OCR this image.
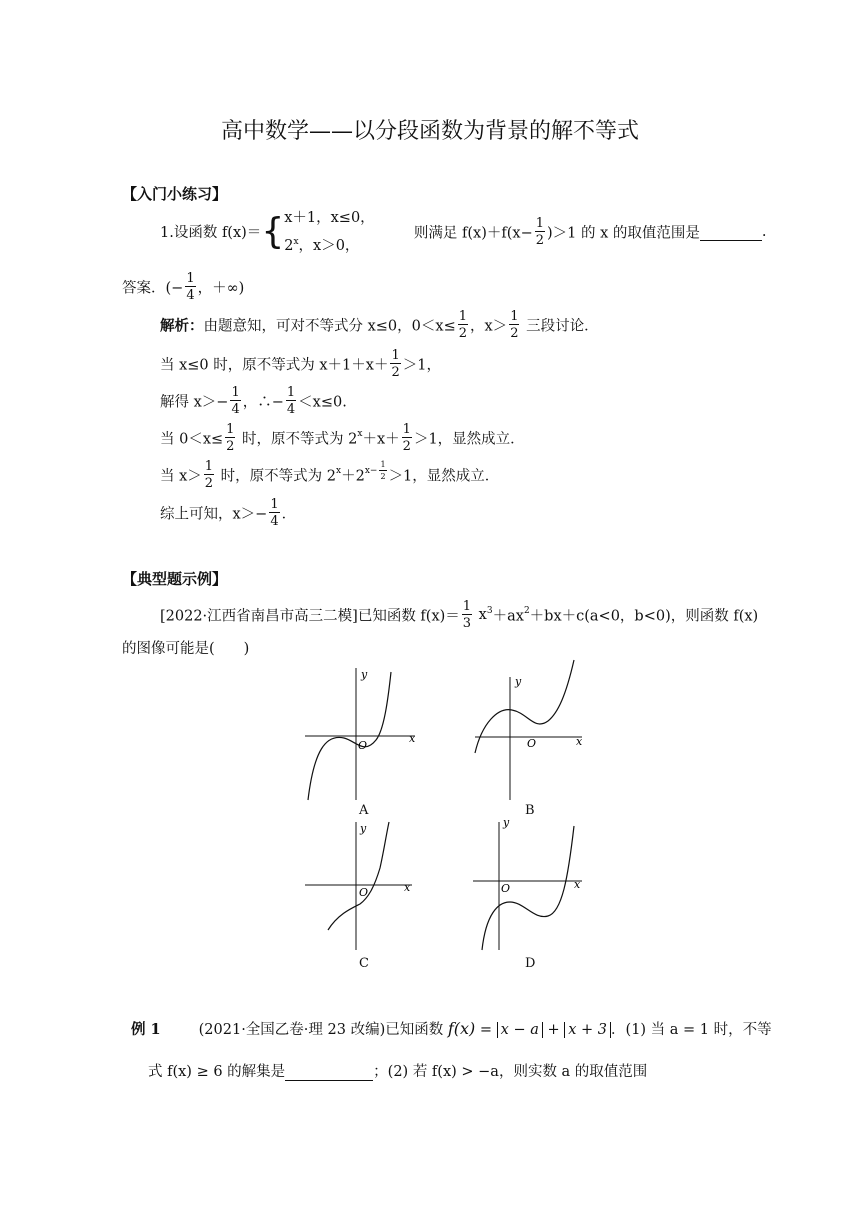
高中数学——以分段函数为背景的解不等式
【入门小练习】
1.设函数 f(x)＝{ x＋1，x≤0，
2$^x$，x＞0，
则满足 $f(x)+f(x- \frac{1}{2} )>1$ 的 x 的取值范围是	.
答案．(− $\frac{1}{4}$ ，＋∞)
解析：由题意知，可对不等式分 x≤0，$0<x\le \frac{1}{2}$ ，$x> \frac{1}{2}$ 三段讨论．
当 x≤0 时，原不等式为 $x+1+x+ \frac{1}{2} >1$，
解得 $x>- \frac{1}{4}$ ，∴− $\frac{1}{4} <x\le 0$.
当 $0<x\le \frac{1}{2}$ 时，原不等式为 $2^x+x+ \frac{1}{2} >1$，显然成立．
当 $x> \frac{1}{2}$ 时，原不等式为 $2^x+2^{x- \frac{1}{2}} >1$，显然成立．
综上可知，$x>- \frac{1}{4}$ ．
【典型题示例】
[2022·江西省南昌市高三二模]已知函数 $f(x)= \frac{1}{3} x^3+ax^2+bx+c(a<0$，b<0)，则函数 f(x)
的图像可能是(　　)
x
y
O
A
x
y
O
B
x
y
O
C
x
y
O
D
例 1	(2021·全国乙卷·理 23 改编)已知函数 f(x) = x − a + x + 3 ．(1) 当 a = 1 时，不等
式 f(x) ≥ 6 的解集是	；(2) 若 f(x) > −a，则实数 a 的取值范围
